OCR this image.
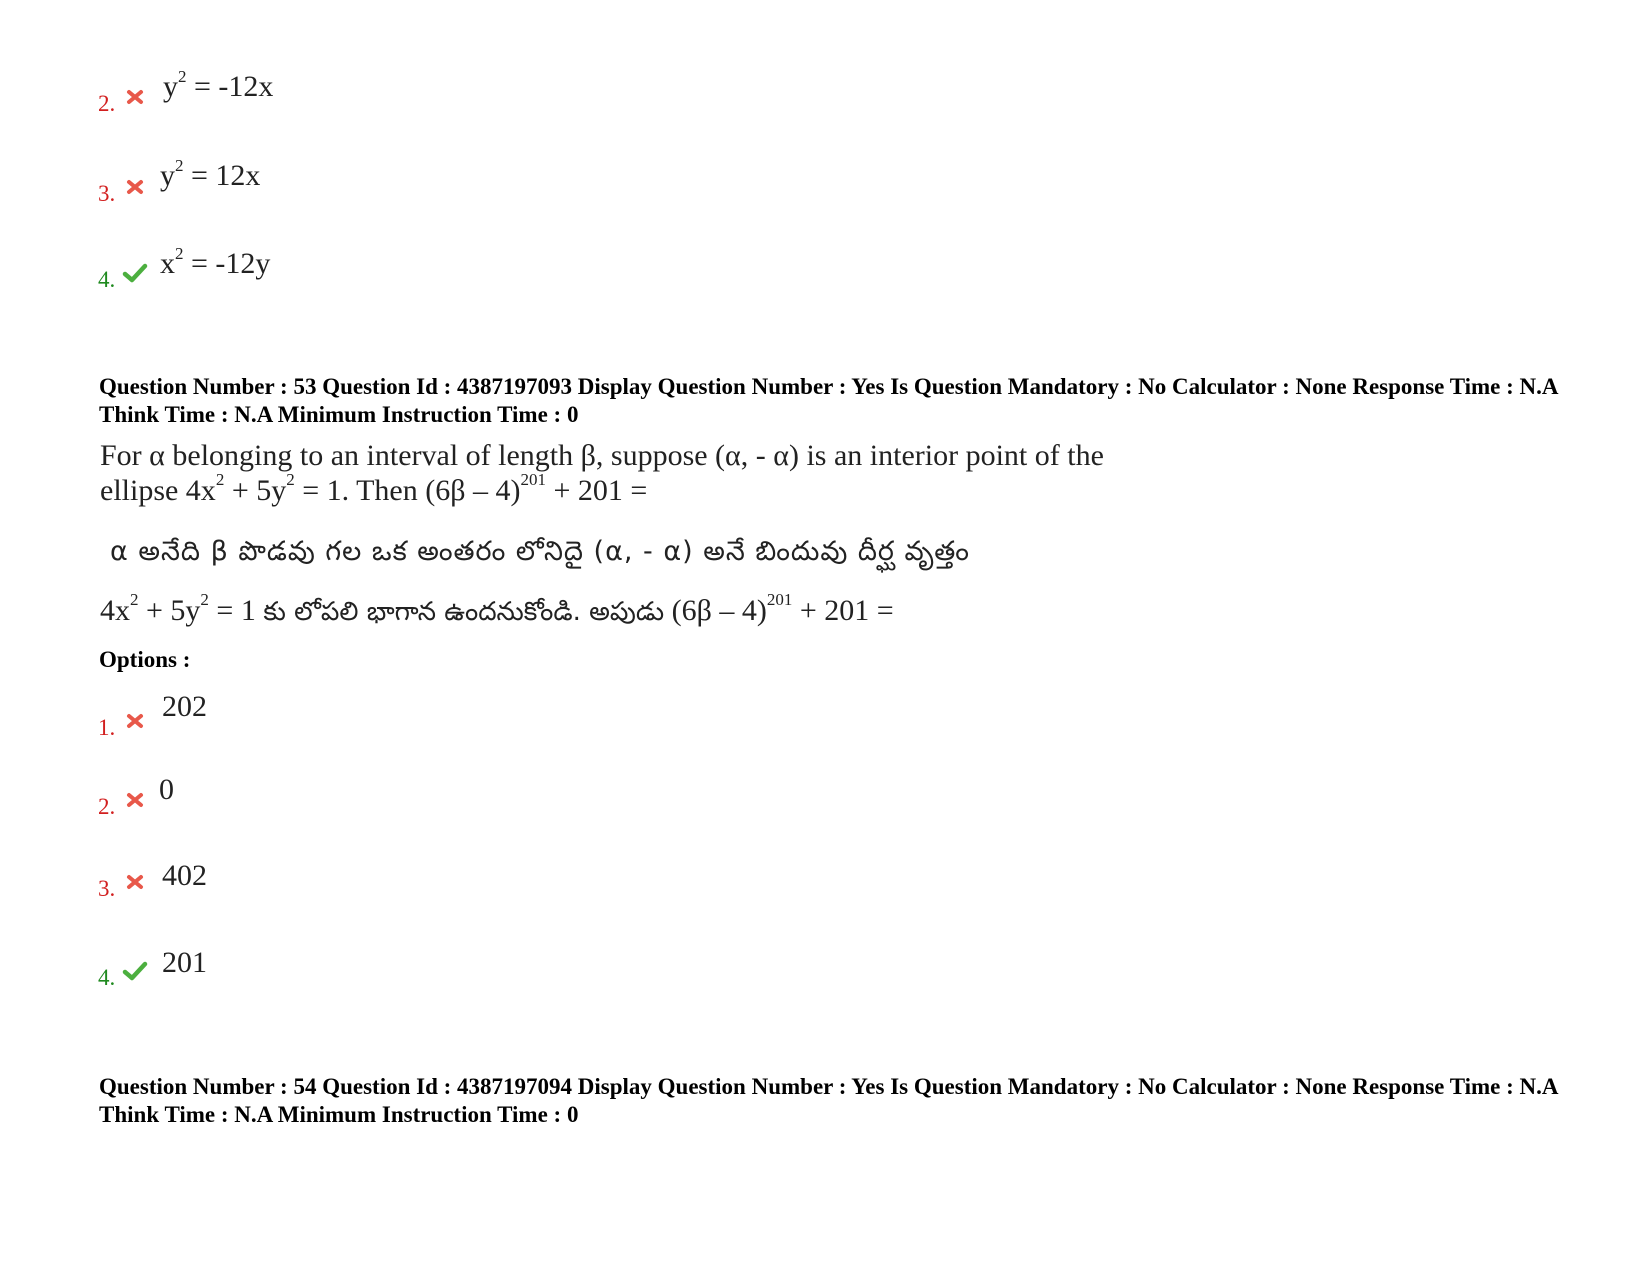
2.
$y^2 = -12x$
3.
$y^2 = 12x$
4. $x^2 = -12y$
Question Number : 53 Question Id : 4387197093 Display Question Number : Yes Is Question Mandatory : No Calculator : None Response Time : N.A Think Time : N.A Minimum Instruction Time : 0
For α belonging to an interval of length β, suppose (α, - α) is an interior point of the
ellipse $4x^2 + 5y^2 = 1$. Then (6β – 4)$^{201}$ + 201 =
α అనేది β పొడవు గల ఒక అంతరం లోనిదై (α, - α) అనే బిందువు దీర్ఘ వృత్తం
$4x^2 + 5y^2 = 1$ కు లోపలి భాగాన ఉందనుకోండి. అపుడు (6β – 4)$^{201}$ + 201 =
Options :
1.
202
2.
0
3. 402
4. 201
Question Number : 54 Question Id : 4387197094 Display Question Number : Yes Is Question Mandatory : No Calculator : None Response Time : N.A Think Time : N.A Minimum Instruction Time : 0
